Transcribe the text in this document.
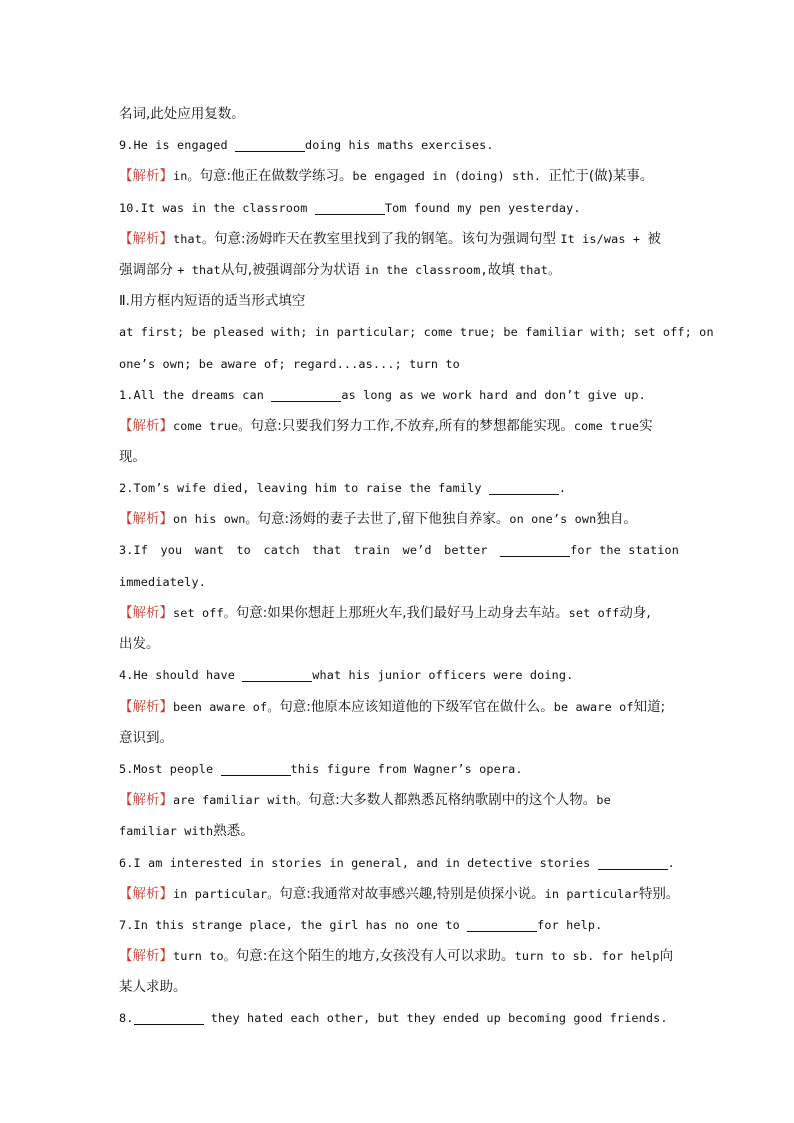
名词,此处应用复数。
9.He is engaged	doing his maths exercises.
【解析】in。句意:他正在做数学练习。be engaged in (doing) sth. 正忙于(做)某事。
10.It was in the classroom	Tom found my pen yesterday.
【解析】that。句意:汤姆昨天在教室里找到了我的钢笔。该句为强调句型 It is/was + 被
强调部分 + that从句,被强调部分为状语 in the classroom,故填 that。
Ⅱ.用方框内短语的适当形式填空
at first; be pleased with; in particular; come true; be familiar with; set off; on
one’s own; be aware of; regard...as...; turn to
1.All the dreams can	as long as we work hard and don’t give up.
【解析】come true。句意:只要我们努力工作,不放弃,所有的梦想都能实现。come true实
现。
2.Tom’s wife died, leaving him to raise the family	.
【解析】on his own。句意:汤姆的妻子去世了,留下他独自养家。on one’s own独自。
3.If you want to catch that train we’d better	for the station
immediately.
【解析】set off。句意:如果你想赶上那班火车,我们最好马上动身去车站。set off动身,
出发。
4.He should have	what his junior officers were doing.
【解析】been aware of。句意:他原本应该知道他的下级军官在做什么。be aware of知道;
意识到。
5.Most people	this figure from Wagner’s opera.
【解析】are familiar with。句意:大多数人都熟悉瓦格纳歌剧中的这个人物。be
familiar with熟悉。
6.I am interested in stories in general, and in detective stories	.
【解析】in particular。句意:我通常对故事感兴趣,特别是侦探小说。in particular特别。
7.In this strange place, the girl has no one to	for help.
【解析】turn to。句意:在这个陌生的地方,女孩没有人可以求助。turn to sb. for help向
某人求助。
8.	they hated each other, but they ended up becoming good friends.
